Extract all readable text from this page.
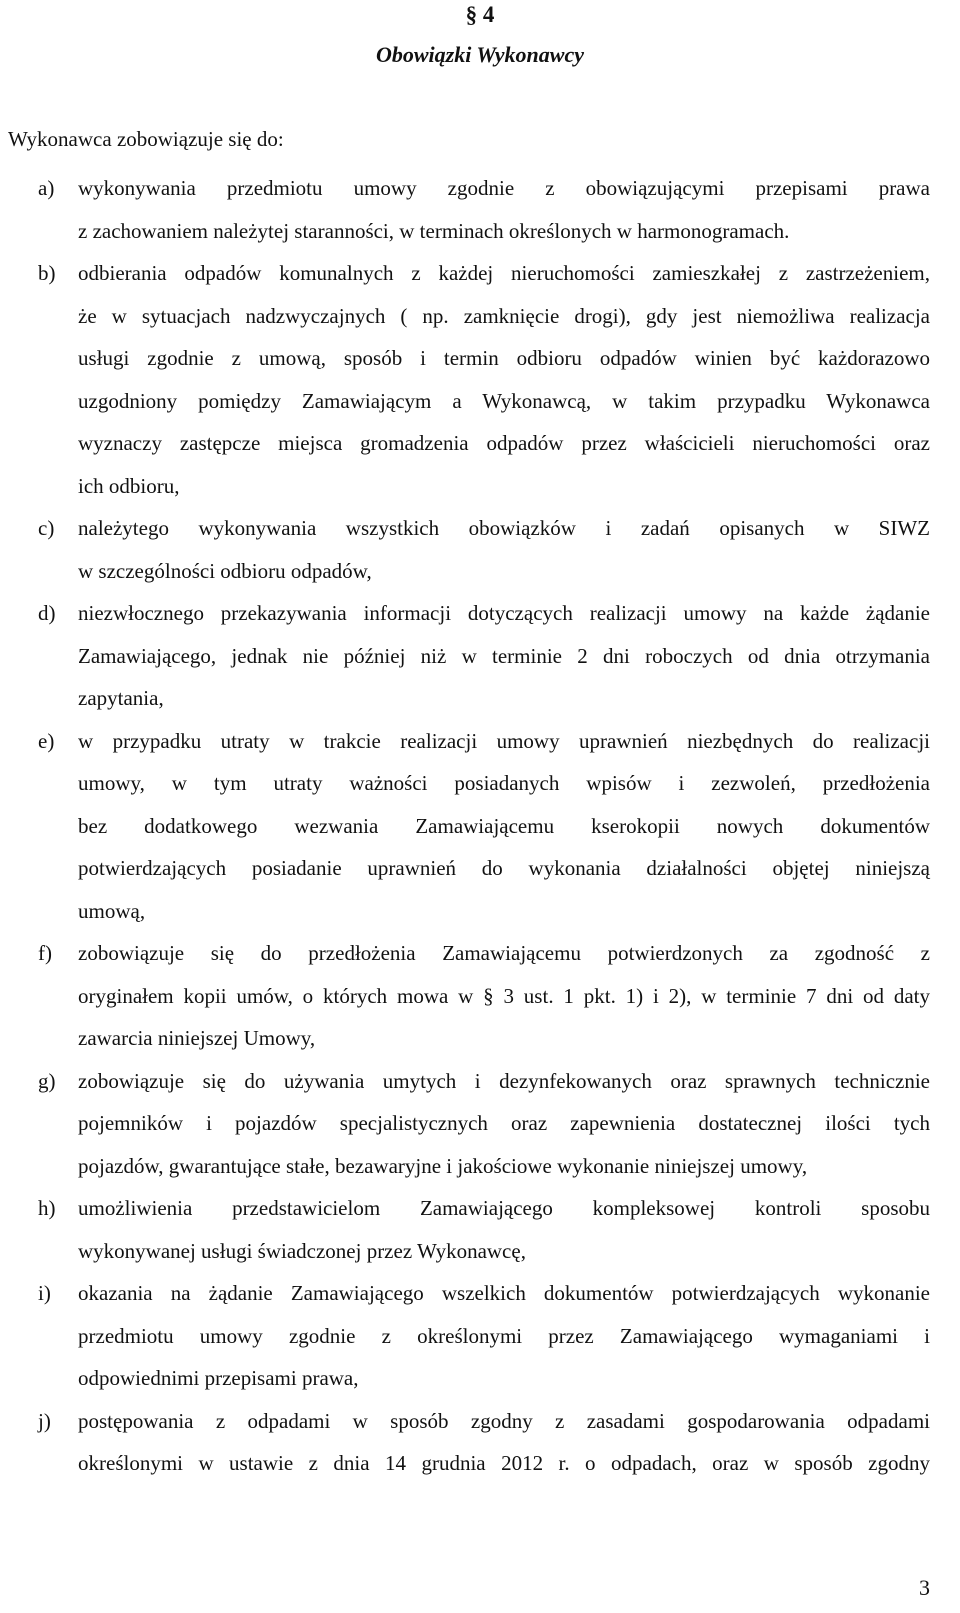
§ 4
Obowiązki Wykonawcy
Wykonawca zobowiązuje się do:
a) wykonywania przedmiotu umowy zgodnie z obowiązującymi przepisami prawa
z zachowaniem należytej staranności, w terminach określonych w harmonogramach.
b) odbierania odpadów komunalnych z każdej nieruchomości zamieszkałej z zastrzeżeniem,
że w sytuacjach nadzwyczajnych ( np. zamknięcie drogi), gdy jest niemożliwa realizacja
usługi zgodnie z umową, sposób i termin odbioru odpadów winien być każdorazowo
uzgodniony pomiędzy Zamawiającym a Wykonawcą, w takim przypadku Wykonawca
wyznaczy zastępcze miejsca gromadzenia odpadów przez właścicieli nieruchomości oraz
ich odbioru,
c) należytego wykonywania wszystkich obowiązków i zadań opisanych w SIWZ
w szczególności odbioru odpadów,
d) niezwłocznego przekazywania informacji dotyczących realizacji umowy na każde żądanie
Zamawiającego, jednak nie później niż w terminie 2 dni roboczych od dnia otrzymania
zapytania,
e) w przypadku utraty w trakcie realizacji umowy uprawnień niezbędnych do realizacji
umowy, w tym utraty ważności posiadanych wpisów i zezwoleń, przedłożenia
bez dodatkowego wezwania Zamawiającemu kserokopii nowych dokumentów
potwierdzających posiadanie uprawnień do wykonania działalności objętej niniejszą
umową,
f) zobowiązuje się do przedłożenia Zamawiającemu potwierdzonych za zgodność z
oryginałem kopii umów, o których mowa w § 3 ust. 1 pkt. 1) i 2), w terminie 7 dni od daty
zawarcia niniejszej Umowy,
g) zobowiązuje się do używania umytych i dezynfekowanych oraz sprawnych technicznie
pojemników i pojazdów specjalistycznych oraz zapewnienia dostatecznej ilości tych
pojazdów, gwarantujące stałe, bezawaryjne i jakościowe wykonanie niniejszej umowy,
h) umożliwienia przedstawicielom Zamawiającego kompleksowej kontroli sposobu
wykonywanej usługi świadczonej przez Wykonawcę,
i) okazania na żądanie Zamawiającego wszelkich dokumentów potwierdzających wykonanie
przedmiotu umowy zgodnie z określonymi przez Zamawiającego wymaganiami i
odpowiednimi przepisami prawa,
j) postępowania z odpadami w sposób zgodny z zasadami gospodarowania odpadami
określonymi w ustawie z dnia 14 grudnia 2012 r. o odpadach, oraz w sposób zgodny
3
